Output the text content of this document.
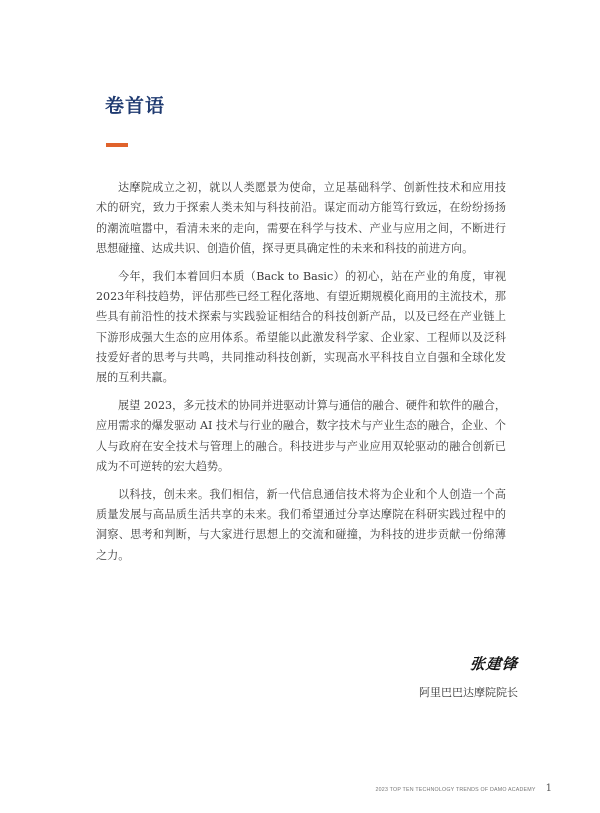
卷首语

达摩院成立之初，就以人类愿景为使命，立足基础科学、创新性技术和应用技术的研究，致力于探索人类未知与科技前沿。谋定而动方能笃行致远，在纷纷扬扬的潮流喧嚣中，看清未来的走向，需要在科学与技术、产业与应用之间，不断进行思想碰撞、达成共识、创造价值，探寻更具确定性的未来和科技的前进方向。

今年，我们本着回归本质（Back to Basic）的初心，站在产业的角度，审视 2023年科技趋势，评估那些已经工程化落地、有望近期规模化商用的主流技术，那些具有前沿性的技术探索与实践验证相结合的科技创新产品，以及已经在产业链上下游形成强大生态的应用体系。希望能以此激发科学家、企业家、工程师以及泛科技爱好者的思考与共鸣，共同推动科技创新，实现高水平科技自立自强和全球化发展的互利共赢。

展望 2023，多元技术的协同并进驱动计算与通信的融合、硬件和软件的融合，应用需求的爆发驱动 AI 技术与行业的融合，数字技术与产业生态的融合，企业、个人与政府在安全技术与管理上的融合。科技进步与产业应用双轮驱动的融合创新已成为不可逆转的宏大趋势。

以科技，创未来。我们相信，新一代信息通信技术将为企业和个人创造一个高质量发展与高品质生活共享的未来。我们希望通过分享达摩院在科研实践过程中的洞察、思考和判断，与大家进行思想上的交流和碰撞，为科技的进步贡献一份绵薄之力。

张建锋
阿里巴巴达摩院院长
2023 TOP TEN TECHNOLOGY TRENDS OF DAMO ACADEMY 1
